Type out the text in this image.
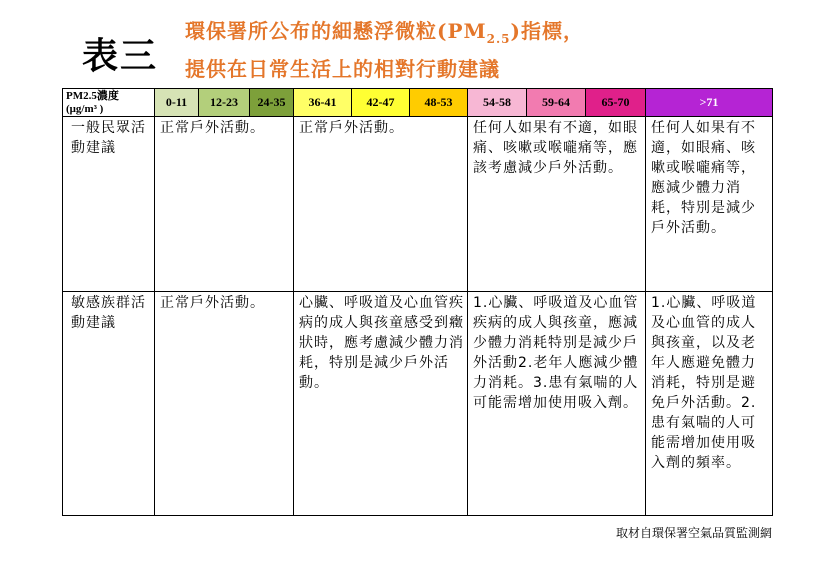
表三
環保署所公布的細懸浮微粒$(PM_{2.5})$指標，
提供在日常生活上的相對行動建議
PM2.5濃度
(μg/m³ )	0-11	12-23	24-35	36-41	42-47	48-53	54-58	59-64	65-70	>71

一般民眾活動建議	正常戶外活動。			正常戶外活動。			任何人如果有不適，如眼痛、咳嗽或喉嚨痛等，應該考慮減少戶外活動。			任何人如果有不適，如眼痛、咳嗽或喉嚨痛等，應減少體力消耗，特別是減少戶外活動。

敏感族群活動建議	正常戶外活動。			心臟、呼吸道及心血管疾病的成人與孩童感受到癥狀時，應考慮減少體力消耗，特別是減少戶外活動。			1.心臟、呼吸道及心血管疾病的成人與孩童，應減少體力消耗特別是減少戶外活動2.老年人應減少體力消耗。3.患有氣喘的人可能需增加使用吸入劑。			1.心臟、呼吸道及心血管的成人與孩童，以及老年人應避免體力消耗，特別是避免戶外活動。2.患有氣喘的人可能需增加使用吸入劑的頻率。
取材自環保署空氣品質監測網
